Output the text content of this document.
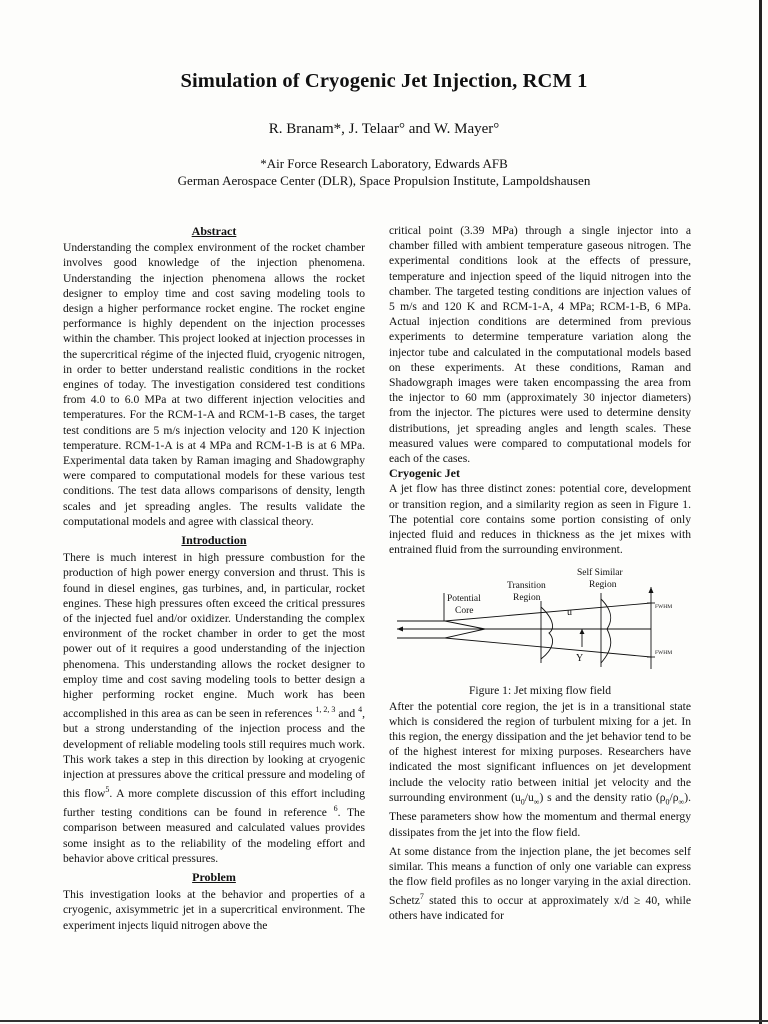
Simulation of Cryogenic Jet Injection, RCM 1
R. Branam*, J. Telaar° and W. Mayer°
*Air Force Research Laboratory, Edwards AFB
German Aerospace Center (DLR), Space Propulsion Institute, Lampoldshausen

Abstract

Understanding the complex environment of the rocket chamber involves good knowledge of the injection phenomena. Understanding the injection phenomena allows the rocket designer to employ time and cost saving modeling tools to design a higher performance rocket engine. The rocket engine performance is highly dependent on the injection processes within the chamber. This project looked at injection processes in the supercritical régime of the injected fluid, cryogenic nitrogen, in order to better understand realistic conditions in the rocket engines of today. The investigation considered test conditions from 4.0 to 6.0 MPa at two different injection velocities and temperatures. For the RCM-1-A and RCM-1-B cases, the target test conditions are 5 m/s injection velocity and 120 K injection temperature. RCM-1-A is at 4 MPa and RCM-1-B is at 6 MPa. Experimental data taken by Raman imaging and Shadowgraphy were compared to computational models for these various test conditions. The test data allows comparisons of density, length scales and jet spreading angles. The results validate the computational models and agree with classical theory.

Introduction

There is much interest in high pressure combustion for the production of high power energy conversion and thrust. This is found in diesel engines, gas turbines, and, in particular, rocket engines. These high pressures often exceed the critical pressures of the injected fuel and/or oxidizer. Understanding the complex environment of the rocket chamber in order to get the most power out of it requires a good understanding of the injection phenomena. This understanding allows the rocket designer to employ time and cost saving modeling tools to better design a higher performing rocket engine. Much work has been accomplished in this area as can be seen in references $^{1, 2, 3}$ and $^4$, but a strong understanding of the injection process and the development of reliable modeling tools still requires much work. This work takes a step in this direction by looking at cryogenic injection at pressures above the critical pressure and modeling of this flow$^5$. A more complete discussion of this effort including further testing conditions can be found in reference $^6$. The comparison between measured and calculated values provides some insight as to the reliability of the modeling effort and behavior above critical pressures.

Problem

This investigation looks at the behavior and properties of a cryogenic, axisymmetric jet in a supercritical environment. The experiment injects liquid nitrogen above the

critical point (3.39 MPa) through a single injector into a chamber filled with ambient temperature gaseous nitrogen. The experimental conditions look at the effects of pressure, temperature and injection speed of the liquid nitrogen into the chamber. The targeted testing conditions are injection values of 5 m/s and 120 K and RCM-1-A, 4 MPa; RCM-1-B, 6 MPa. Actual injection conditions are determined from previous experiments to determine temperature variation along the injector tube and calculated in the computational models based on these experiments. At these conditions, Raman and Shadowgraph images were taken encompassing the area from the injector to 60 mm (approximately 30 injector diameters) from the injector. The pictures were used to determine density distributions, jet spreading angles and length scales. These measured values were compared to computational models for each of the cases.

Cryogenic Jet

A jet flow has three distinct zones: potential core, development or transition region, and a similarity region as seen in Figure 1. The potential core contains some portion consisting of only injected fluid and reduces in thickness as the jet mixes with entrained fluid from the surrounding environment.

Self Similar
Region
Transition
Region
Potential
Core	u
Y
FWHM
FWHM

Figure 1: Jet mixing flow field

After the potential core region, the jet is in a transitional state which is considered the region of turbulent mixing for a jet. In this region, the energy dissipation and the jet behavior tend to be of the highest interest for mixing purposes. Researchers have indicated the most significant influences on jet development include the velocity ratio between initial jet velocity and the surrounding environment $(u_0/u_\infty)$ s and the density ratio $(\rho_0/\rho_\infty)$. These parameters show how the momentum and thermal energy dissipates from the jet into the flow field.

At some distance from the injection plane, the jet becomes self similar. This means a function of only one variable can express the flow field profiles as no longer varying in the axial direction. Schetz$^7$ stated this to occur at approximately x/d ≥ 40, while others have indicated for
